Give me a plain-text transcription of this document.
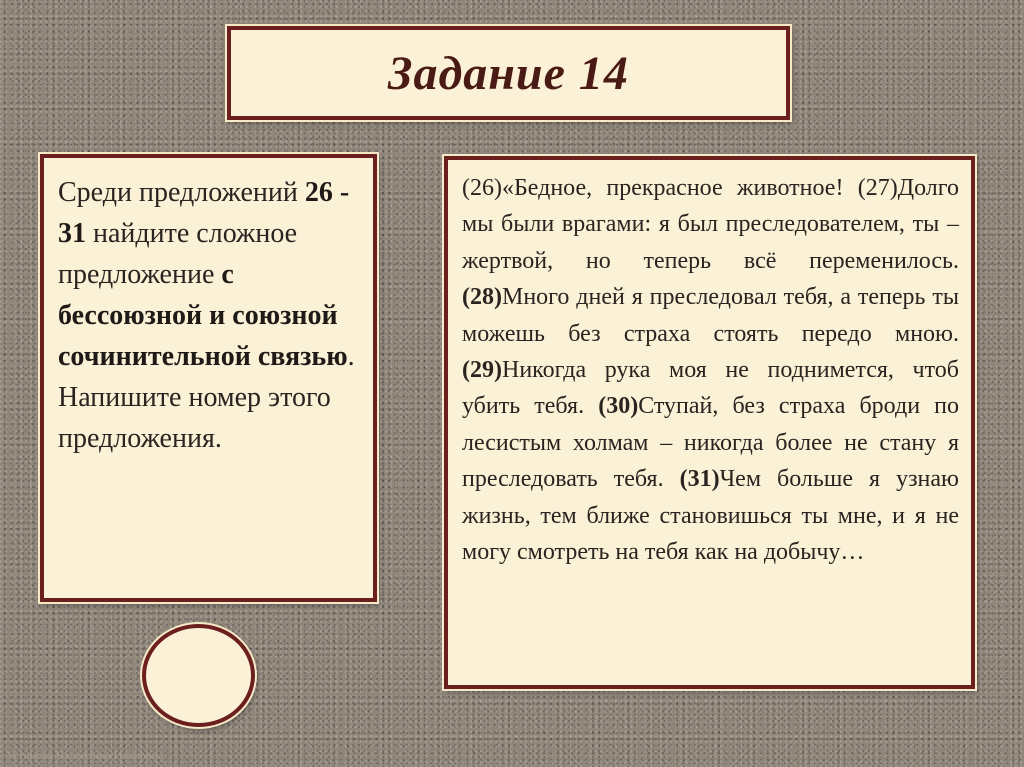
Задание 14

Среди предложений 26 - 31 найдите сложное предложение с бессоюзной и союзной сочинительной связью. Напишите номер этого предложения.

(26)«Бедное, прекрасное животное! (27)Долго мы были врагами: я был преследователем, ты – жертвой, но теперь всё переменилось. (28)Много дней я преследовал тебя, а теперь ты можешь без страха стоять передо мною. (29)Никогда рука моя не поднимется, чтоб убить тебя. (30)Ступай, без страха броди по лесистым холмам – никогда более не стану я преследовать тебя. (31)Чем больше я узнаю жизнь, тем ближе становишься ты мне, и я не могу смотреть на тебя как на добычу…

Устинова Валентина Ивановна
